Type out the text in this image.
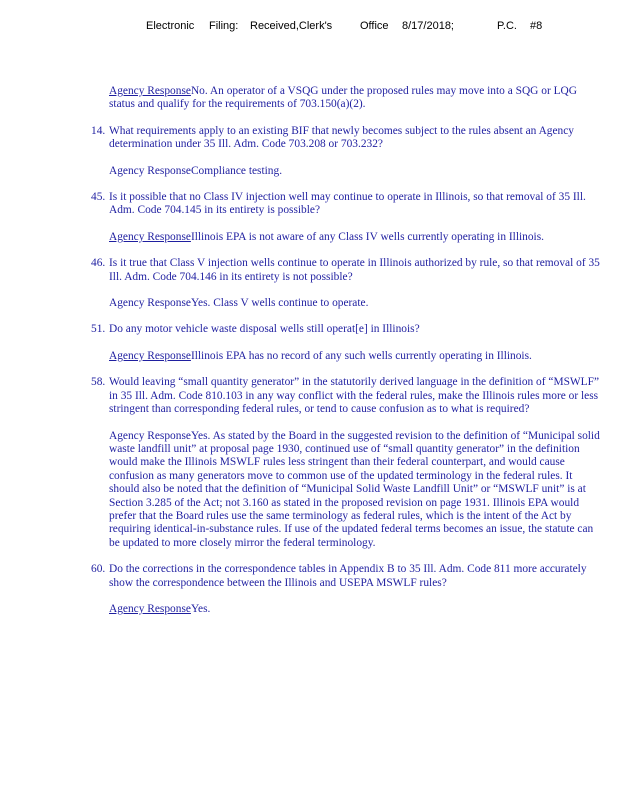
Electronic Filing: Received,Clerk's	Office 8/17/2018;	P.C. #8
Agency ResponseNo. An operator of a VSQG under the proposed rules may move into a SQG or LQG status and qualify for the requirements of 703.150(a)(2).
14. What requirements apply to an existing BIF that newly becomes subject to the rules absent an Agency determination under 35 Ill. Adm. Code 703.208 or 703.232?

Agency ResponseCompliance testing.
45. Is it possible that no Class IV injection well may continue to operate in Illinois, so that removal of 35 Ill. Adm. Code 704.145 in its entirety is possible?

Agency ResponseIllinois EPA is not aware of any Class IV wells currently operating in Illinois.
46. Is it true that Class V injection wells continue to operate in Illinois authorized by rule, so that removal of 35 Ill. Adm. Code 704.146 in its entirety is not possible?

Agency ResponseYes. Class V wells continue to operate.
51. Do any motor vehicle waste disposal wells still operat[e] in Illinois?

Agency ResponseIllinois EPA has no record of any such wells currently operating in Illinois.
58. Would leaving “small quantity generator” in the statutorily derived language in the definition of “MSWLF” in 35 Ill. Adm. Code 810.103 in any way conflict with the federal rules, make the Illinois rules more or less stringent than corresponding federal rules, or tend to cause confusion as to what is required?

Agency ResponseYes. As stated by the Board in the suggested revision to the definition of “Municipal solid waste landfill unit” at proposal page 1930, continued use of “small quantity generator” in the definition would make the Illinois MSWLF rules less stringent than their federal counterpart, and would cause confusion as many generators move to common use of the updated terminology in the federal rules. It should also be noted that the definition of “Municipal Solid Waste Landfill Unit” or “MSWLF unit” is at Section 3.285 of the Act; not 3.160 as stated in the proposed revision on page 1931. Illinois EPA would prefer that the Board rules use the same terminology as federal rules, which is the intent of the Act by requiring identical-in-substance rules. If use of the updated federal terms becomes an issue, the statute can be updated to more closely mirror the federal terminology.
60. Do the corrections in the correspondence tables in Appendix B to 35 Ill. Adm. Code 811 more accurately show the correspondence between the Illinois and USEPA MSWLF rules?

Agency ResponseYes.
